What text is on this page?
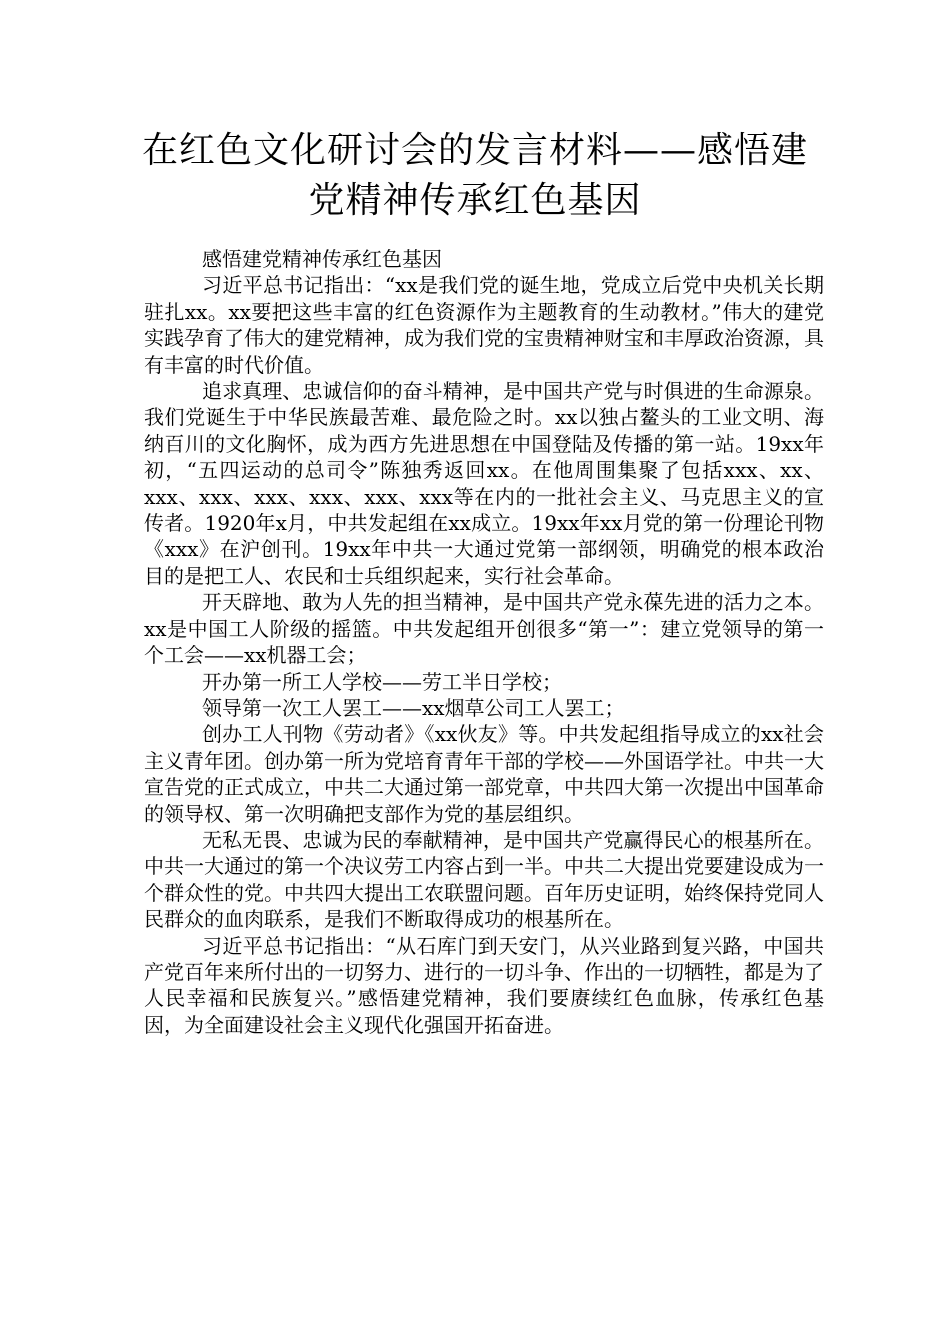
在红色文化研讨会的发言材料——感悟建党精神传承红色基因

感悟建党精神传承红色基因

习近平总书记指出：“xx是我们党的诞生地，党成立后党中央机关长期驻扎xx。xx要把这些丰富的红色资源作为主题教育的生动教材。”伟大的建党实践孕育了伟大的建党精神，成为我们党的宝贵精神财宝和丰厚政治资源，具有丰富的时代价值。

追求真理、忠诚信仰的奋斗精神，是中国共产党与时俱进的生命源泉。我们党诞生于中华民族最苦难、最危险之时。xx以独占鳌头的工业文明、海纳百川的文化胸怀，成为西方先进思想在中国登陆及传播的第一站。19xx年初，“五四运动的总司令”陈独秀返回xx。在他周围集聚了包括xxx、xx、xxx、xxx、xxx、xxx、xxx、xxx等在内的一批社会主义、马克思主义的宣传者。1920年x月，中共发起组在xx成立。19xx年xx月党的第一份理论刊物《xxx》在沪创刊。19xx年中共一大通过党第一部纲领，明确党的根本政治目的是把工人、农民和士兵组织起来，实行社会革命。

开天辟地、敢为人先的担当精神，是中国共产党永葆先进的活力之本。xx是中国工人阶级的摇篮。中共发起组开创很多“第一”：建立党领导的第一个工会——xx机器工会；

开办第一所工人学校——劳工半日学校；

领导第一次工人罢工——xx烟草公司工人罢工；

创办工人刊物《劳动者》《xx伙友》等。中共发起组指导成立的xx社会主义青年团。创办第一所为党培育青年干部的学校——外国语学社。中共一大宣告党的正式成立，中共二大通过第一部党章，中共四大第一次提出中国革命的领导权、第一次明确把支部作为党的基层组织。

无私无畏、忠诚为民的奉献精神，是中国共产党赢得民心的根基所在。中共一大通过的第一个决议劳工内容占到一半。中共二大提出党要建设成为一个群众性的党。中共四大提出工农联盟问题。百年历史证明，始终保持党同人民群众的血肉联系，是我们不断取得成功的根基所在。

习近平总书记指出：“从石库门到天安门，从兴业路到复兴路，中国共产党百年来所付出的一切努力、进行的一切斗争、作出的一切牺牲，都是为了人民幸福和民族复兴。”感悟建党精神，我们要赓续红色血脉，传承红色基因，为全面建设社会主义现代化强国开拓奋进。
